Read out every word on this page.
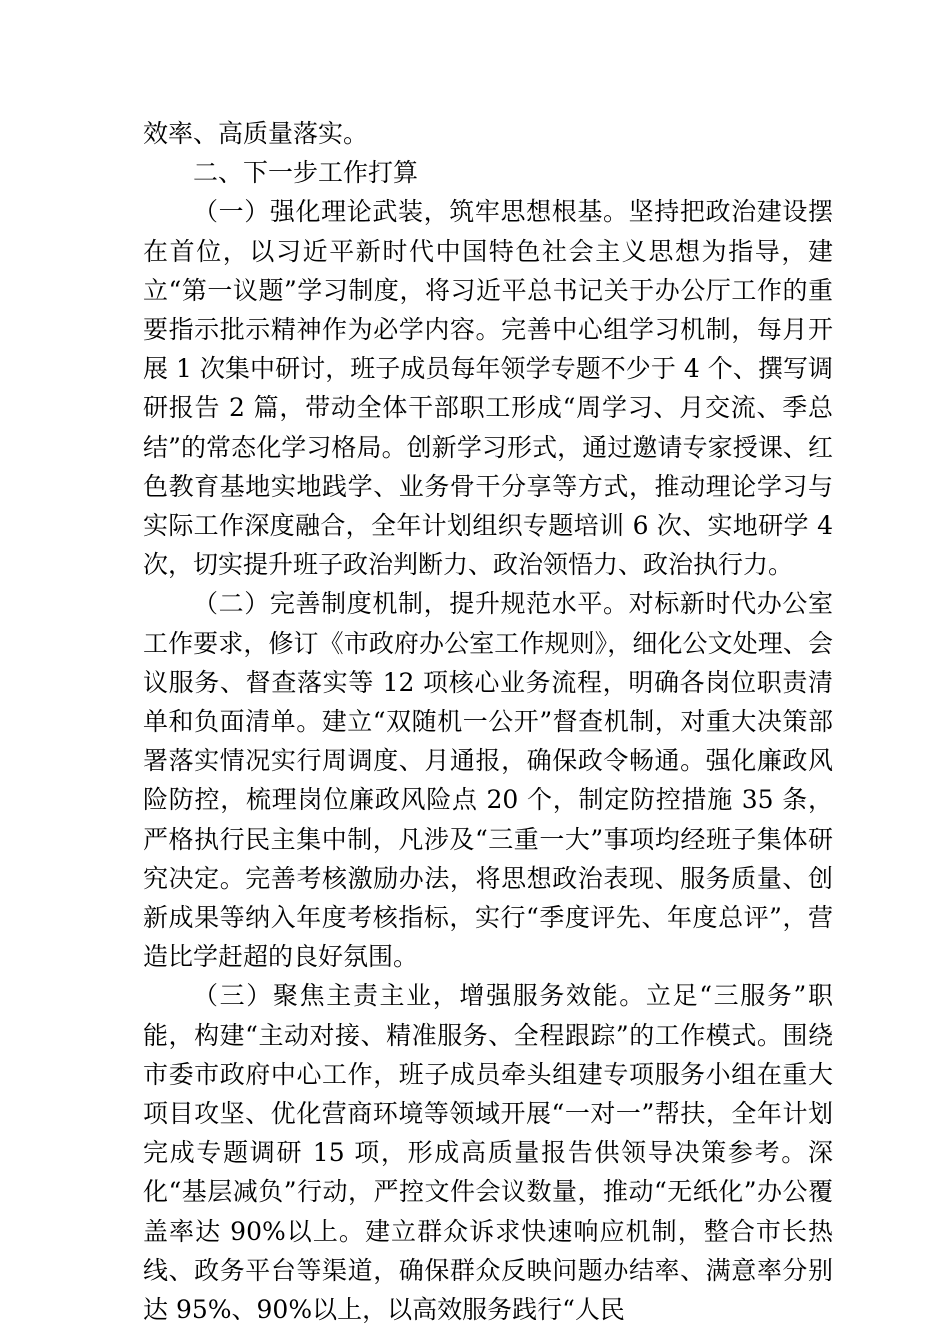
效率、高质量落实。

二、下一步工作打算

（一）强化理论武装，筑牢思想根基。坚持把政治建设摆在首位，以习近平新时代中国特色社会主义思想为指导，建立“第一议题”学习制度，将习近平总书记关于办公厅工作的重要指示批示精神作为必学内容。完善中心组学习机制，每月开展 1 次集中研讨，班子成员每年领学专题不少于 4 个、撰写调研报告 2 篇，带动全体干部职工形成“周学习、月交流、季总结”的常态化学习格局。创新学习形式，通过邀请专家授课、红色教育基地实地践学、业务骨干分享等方式，推动理论学习与实际工作深度融合，全年计划组织专题培训 6 次、实地研学 4 次，切实提升班子政治判断力、政治领悟力、政治执行力。

（二）完善制度机制，提升规范水平。对标新时代办公室工作要求，修订《市政府办公室工作规则》，细化公文处理、会议服务、督查落实等 12 项核心业务流程，明确各岗位职责清单和负面清单。建立“双随机一公开”督查机制，对重大决策部署落实情况实行周调度、月通报，确保政令畅通。强化廉政风险防控，梳理岗位廉政风险点 20 个，制定防控措施 35 条，严格执行民主集中制，凡涉及“三重一大”事项均经班子集体研究决定。完善考核激励办法，将思想政治表现、服务质量、创新成果等纳入年度考核指标，实行“季度评先、年度总评”，营造比学赶超的良好氛围。

（三）聚焦主责主业，增强服务效能。立足“三服务”职能，构建“主动对接、精准服务、全程跟踪”的工作模式。围绕市委市政府中心工作，班子成员牵头组建专项服务小组在重大项目攻坚、优化营商环境等领域开展“一对一”帮扶，全年计划完成专题调研 15 项，形成高质量报告供领导决策参考。深化“基层减负”行动，严控文件会议数量，推动“无纸化”办公覆盖率达 90%以上。建立群众诉求快速响应机制，整合市长热线、政务平台等渠道，确保群众反映问题办结率、满意率分别达 95%、90%以上，以高效服务践行“人民
